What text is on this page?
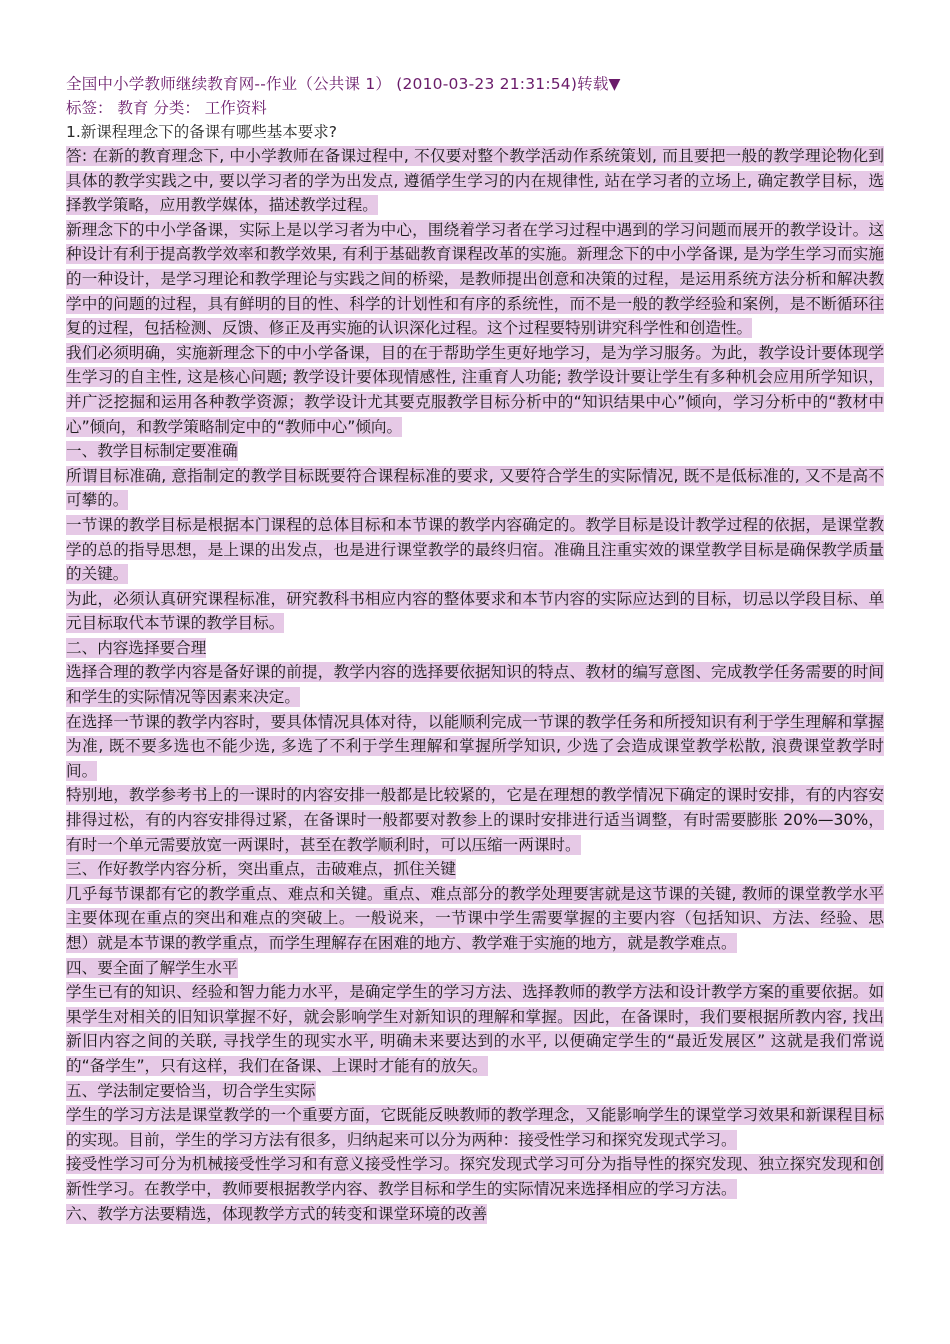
全国中小学教师继续教育网--作业（公共课 1） (2010-03-23 21:31:54)转载▼
标签： 教育 分类： 工作资料
1.新课程理念下的备课有哪些基本要求?

答: 在新的教育理念下, 中小学教师在备课过程中, 不仅要对整个教学活动作系统策划, 而且要把一般的教学理论物化到具体的教学实践之中, 要以学习者的学为出发点, 遵循学生学习的内在规律性, 站在学习者的立场上, 确定教学目标，选择教学策略，应用教学媒体，描述教学过程。

新理念下的中小学备课，实际上是以学习者为中心，围绕着学习者在学习过程中遇到的学习问题而展开的教学设计。这种设计有利于提高教学效率和教学效果, 有利于基础教育课程改革的实施。新理念下的中小学备课, 是为学生学习而实施的一种设计，是学习理论和教学理论与实践之间的桥梁，是教师提出创意和决策的过程，是运用系统方法分析和解决教学中的问题的过程，具有鲜明的目的性、科学的计划性和有序的系统性，而不是一般的教学经验和案例，是不断循环往复的过程，包括检测、反馈、修正及再实施的认识深化过程。这个过程要特别讲究科学性和创造性。

我们必须明确，实施新理念下的中小学备课，目的在于帮助学生更好地学习，是为学习服务。为此，教学设计要体现学生学习的自主性, 这是核心问题; 教学设计要体现情感性, 注重育人功能; 教学设计要让学生有多种机会应用所学知识，并广泛挖掘和运用各种教学资源；教学设计尤其要克服教学目标分析中的“知识结果中心”倾向，学习分析中的“教材中心”倾向，和教学策略制定中的“教师中心”倾向。

一、教学目标制定要准确

所谓目标准确, 意指制定的教学目标既要符合课程标准的要求, 又要符合学生的实际情况, 既不是低标准的, 又不是高不可攀的。

一节课的教学目标是根据本门课程的总体目标和本节课的教学内容确定的。教学目标是设计教学过程的依据，是课堂教学的总的指导思想，是上课的出发点，也是进行课堂教学的最终归宿。准确且注重实效的课堂教学目标是确保教学质量的关键。

为此，必须认真研究课程标准，研究教科书相应内容的整体要求和本节内容的实际应达到的目标，切忌以学段目标、单元目标取代本节课的教学目标。

二、内容选择要合理

选择合理的教学内容是备好课的前提，教学内容的选择要依据知识的特点、教材的编写意图、完成教学任务需要的时间和学生的实际情况等因素来决定。

在选择一节课的教学内容时，要具体情况具体对待，以能顺利完成一节课的教学任务和所授知识有利于学生理解和掌握为准, 既不要多选也不能少选, 多选了不利于学生理解和掌握所学知识, 少选了会造成课堂教学松散, 浪费课堂教学时间。

特别地，教学参考书上的一课时的内容安排一般都是比较紧的，它是在理想的教学情况下确定的课时安排，有的内容安排得过松，有的内容安排得过紧，在备课时一般都要对教参上的课时安排进行适当调整，有时需要膨胀 20%—30%，有时一个单元需要放宽一两课时，甚至在教学顺利时，可以压缩一两课时。

三、作好教学内容分析，突出重点，击破难点，抓住关键

几乎每节课都有它的教学重点、难点和关键。重点、难点部分的教学处理要害就是这节课的关键, 教师的课堂教学水平主要体现在重点的突出和难点的突破上。一般说来，一节课中学生需要掌握的主要内容（包括知识、方法、经验、思想）就是本节课的教学重点，而学生理解存在困难的地方、教学难于实施的地方，就是教学难点。

四、要全面了解学生水平

学生已有的知识、经验和智力能力水平，是确定学生的学习方法、选择教师的教学方法和设计教学方案的重要依据。如果学生对相关的旧知识掌握不好，就会影响学生对新知识的理解和掌握。因此，在备课时，我们要根据所教内容, 找出新旧内容之间的关联, 寻找学生的现实水平, 明确未来要达到的水平, 以便确定学生的“最近发展区” 这就是我们常说的“备学生”，只有这样，我们在备课、上课时才能有的放矢。

五、学法制定要恰当，切合学生实际

学生的学习方法是课堂教学的一个重要方面，它既能反映教师的教学理念，又能影响学生的课堂学习效果和新课程目标的实现。目前，学生的学习方法有很多，归纳起来可以分为两种：接受性学习和探究发现式学习。

接受性学习可分为机械接受性学习和有意义接受性学习。探究发现式学习可分为指导性的探究发现、独立探究发现和创新性学习。在教学中，教师要根据教学内容、教学目标和学生的实际情况来选择相应的学习方法。

六、教学方法要精选，体现教学方式的转变和课堂环境的改善
